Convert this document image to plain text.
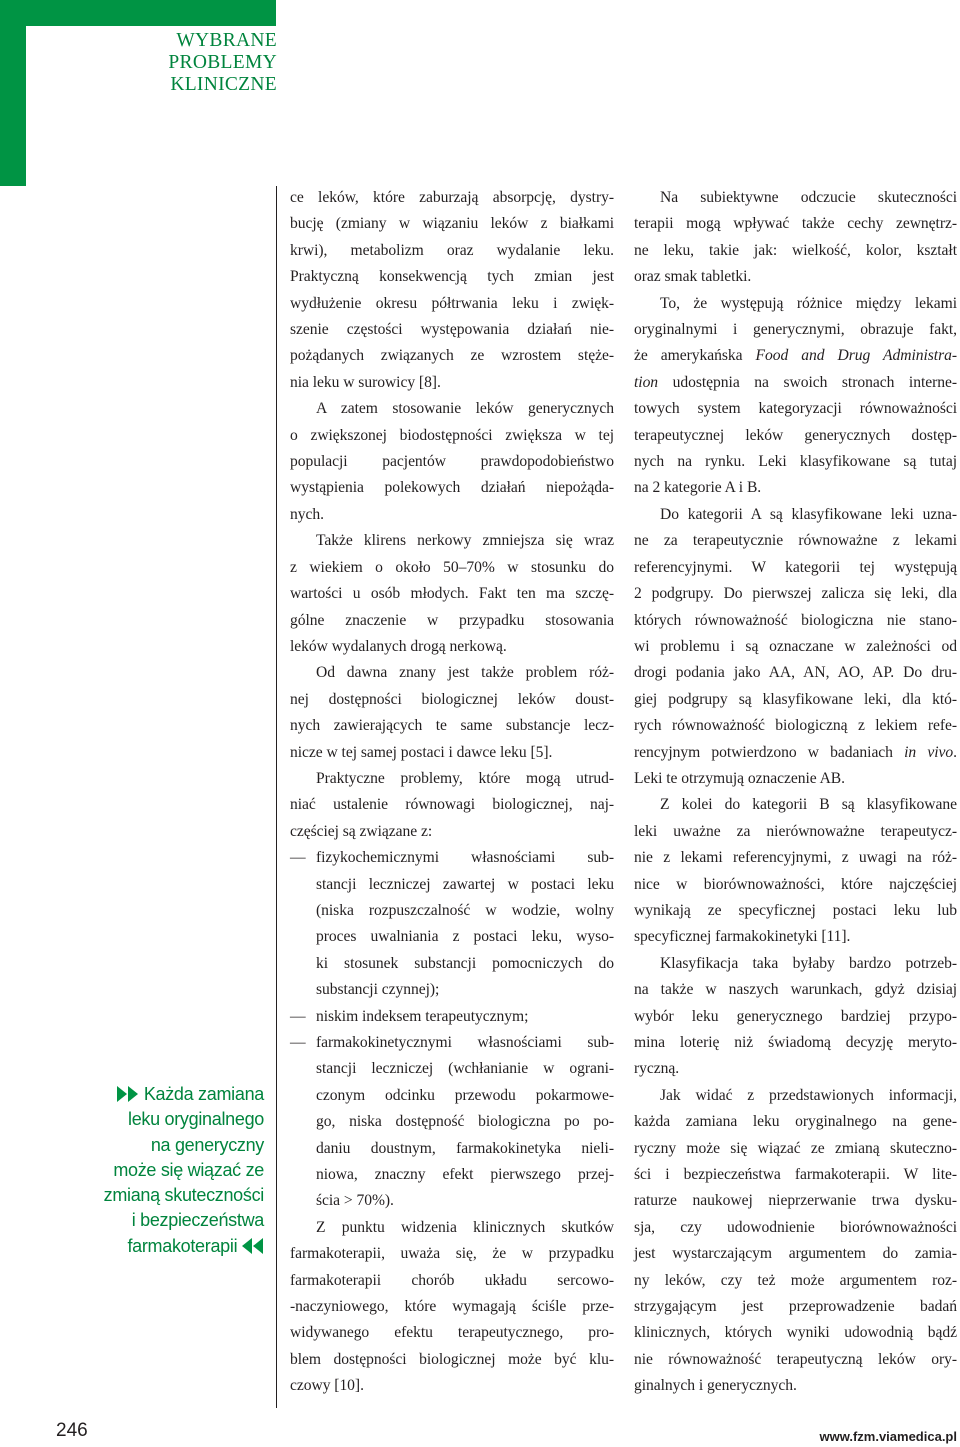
WYBRANE
PROBLEMY
KLINICZNE
Każda zamiana
leku oryginalnego
na generyczny
może się wiązać ze
zmianą skuteczności
i bezpieczeństwa
farmakoterapii
ce leków, które zaburzają absorpcję, dystry-
bucję (zmiany w wiązaniu leków z białkami
krwi), metabolizm oraz wydalanie leku.
Praktyczną konsekwencją tych zmian jest
wydłużenie okresu półtrwania leku i zwięk-
szenie częstości występowania działań nie-
pożądanych związanych ze wzrostem stęże-
nia leku w surowicy [8].
A zatem stosowanie leków generycznych
o zwiększonej biodostępności zwiększa w tej
populacji pacjentów prawdopodobieństwo
wystąpienia polekowych działań niepożąda-
nych.
Także klirens nerkowy zmniejsza się wraz
z wiekiem o około 50–70% w stosunku do
wartości u osób młodych. Fakt ten ma szczę-
gólne znaczenie w przypadku stosowania
leków wydalanych drogą nerkową.
Od dawna znany jest także problem róż-
nej dostępności biologicznej leków doust-
nych zawierających te same substancje lecz-
nicze w tej samej postaci i dawce leku [5].
Praktyczne problemy, które mogą utrud-
niać ustalenie równowagi biologicznej, naj-
częściej są związane z:
— fizykochemicznymi własnościami sub-
stancji leczniczej zawartej w postaci leku
(niska rozpuszczalność w wodzie, wolny
proces uwalniania z postaci leku, wyso-
ki stosunek substancji pomocniczych do
substancji czynnej);
— niskim indeksem terapeutycznym;
— farmakokinetycznymi własnościami sub-
stancji leczniczej (wchłanianie w ograni-
czonym odcinku przewodu pokarmowe-
go, niska dostępność biologiczna po po-
daniu doustnym, farmakokinetyka nieli-
niowa, znaczny efekt pierwszego przej-
ścia > 70%).
Z punktu widzenia klinicznych skutków
farmakoterapii, uważa się, że w przypadku
farmakoterapii chorób układu sercowo-
-naczyniowego, które wymagają ściśle prze-
widywanego efektu terapeutycznego, pro-
blem dostępności biologicznej może być klu-
czowy [10].
Na subiektywne odczucie skuteczności
terapii mogą wpływać także cechy zewnętrz-
ne leku, takie jak: wielkość, kolor, kształt
oraz smak tabletki.
To, że występują różnice między lekami
oryginalnymi i generycznymi, obrazuje fakt,
że amerykańska Food and Drug Administra-
tion udostępnia na swoich stronach interne-
towych system kategoryzacji równoważności
terapeutycznej leków generycznych dostęp-
nych na rynku. Leki klasyfikowane są tutaj
na 2 kategorie A i B.
Do kategorii A są klasyfikowane leki uzna-
ne za terapeutycznie równoważne z lekami
referencyjnymi. W kategorii tej występują
2 podgrupy. Do pierwszej zalicza się leki, dla
których równoważność biologiczna nie stano-
wi problemu i są oznaczane w zależności od
drogi podania jako AA, AN, AO, AP. Do dru-
giej podgrupy są klasyfikowane leki, dla któ-
rych równoważność biologiczną z lekiem refe-
rencyjnym potwierdzono w badaniach in vivo.
Leki te otrzymują oznaczenie AB.
Z kolei do kategorii B są klasyfikowane
leki uważne za nierównoważne terapeutycz-
nie z lekami referencyjnymi, z uwagi na róż-
nice w biorównoważności, które najczęściej
wynikają ze specyficznej postaci leku lub
specyficznej farmakokinetyki [11].
Klasyfikacja taka byłaby bardzo potrzeb-
na także w naszych warunkach, gdyż dzisiaj
wybór leku generycznego bardziej przypo-
mina loterię niż świadomą decyzję meryto-
ryczną.
Jak widać z przedstawionych informacji,
każda zamiana leku oryginalnego na gene-
ryczny może się wiązać ze zmianą skuteczno-
ści i bezpieczeństwa farmakoterapii. W lite-
raturze naukowej nieprzerwanie trwa dysku-
sja, czy udowodnienie biorównoważności
jest wystarczającym argumentem do zamia-
ny leków, czy też może argumentem roz-
strzygającym jest przeprowadzenie badań
klinicznych, których wyniki udowodnią bądź
nie równoważność terapeutyczną leków ory-
ginalnych i generycznych.
246	www.fzm.viamedica.pl
